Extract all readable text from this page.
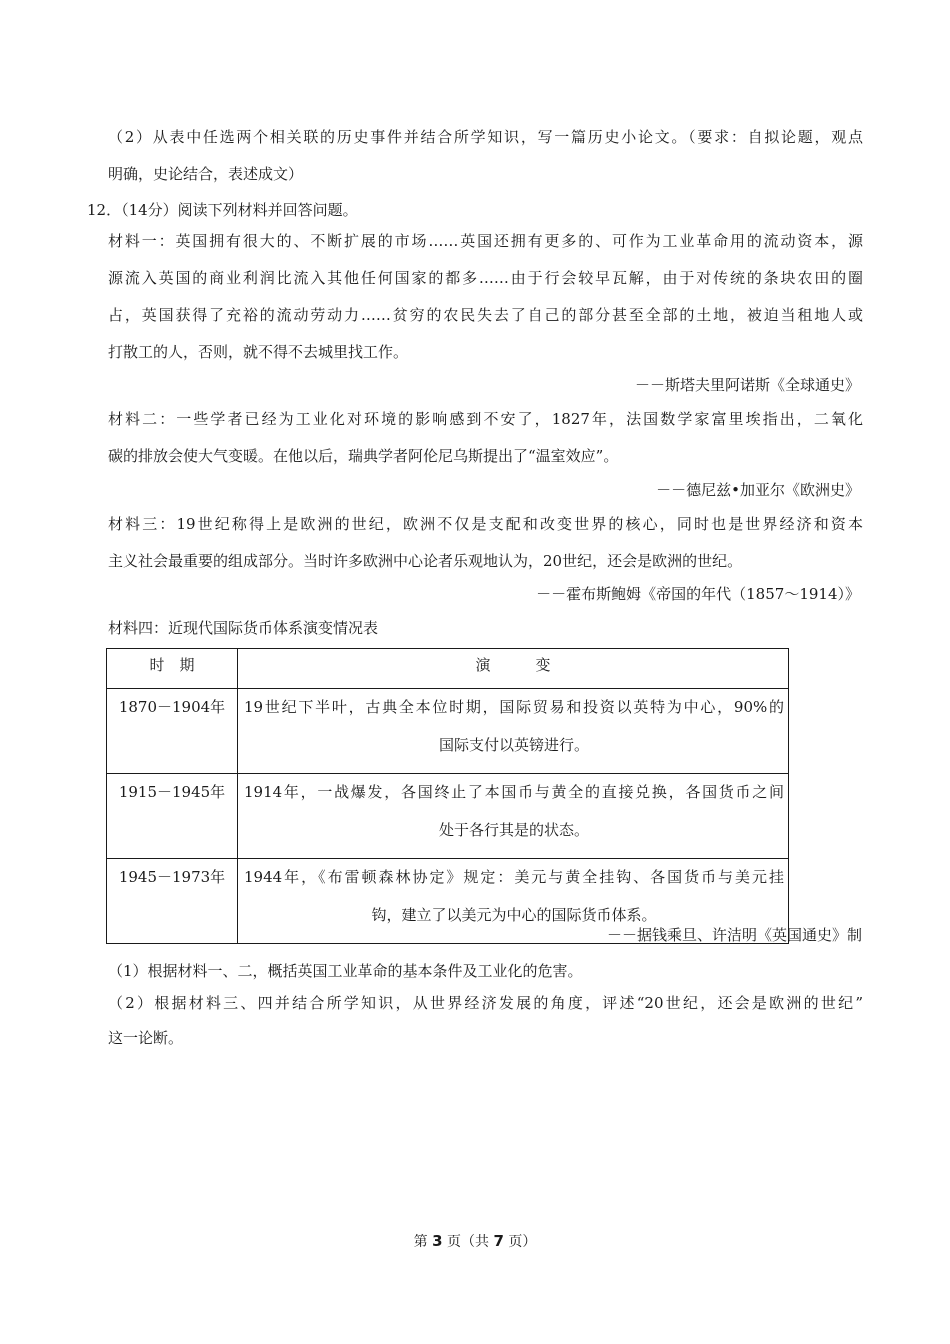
（2）从表中任选两个相关联的历史事件并结合所学知识，写一篇历史小论文。（要求：自拟论题，观点
明确，史论结合，表述成文）
12．（14分）阅读下列材料并回答问题。
材料一：英国拥有很大的、不断扩展的市场……英国还拥有更多的、可作为工业革命用的流动资本，源
源流入英国的商业利润比流入其他任何国家的都多……由于行会较早瓦解，由于对传统的条块农田的圈
占，英国获得了充裕的流动劳动力……贫穷的农民失去了自己的部分甚至全部的土地，被迫当租地人或
打散工的人，否则，就不得不去城里找工作。
－－斯塔夫里阿诺斯《全球通史》
材料二：一些学者已经为工业化对环境的影响感到不安了，1827年，法国数学家富里埃指出，二氧化
碳的排放会使大气变暖。在他以后，瑞典学者阿伦尼乌斯提出了“温室效应”。
－－德尼兹•加亚尔《欧洲史》
材料三：19世纪称得上是欧洲的世纪，欧洲不仅是支配和改变世界的核心，同时也是世界经济和资本
主义社会最重要的组成部分。当时许多欧洲中心论者乐观地认为，20世纪，还会是欧洲的世纪。
－－霍布斯鲍姆《帝国的年代（1857～1914）》
材料四：近现代国际货币体系演变情况表
时　期	演　　　变
1870－1904年	19世纪下半叶，古典全本位时期，国际贸易和投资以英特为中心，90%的
国际支付以英镑进行。

1915－1945年	1914年，一战爆发，各国终止了本国币与黄全的直接兑换，各国货币之间
处于各行其是的状态。

1945－1973年	1944年，《布雷顿森林协定》规定：美元与黄全挂钩、各国货币与美元挂
钩，建立了以美元为中心的国际货币体系。
－－据钱乘旦、许洁明《英国通史》制
（1）根据材料一、二，概括英国工业革命的基本条件及工业化的危害。
（2）根据材料三、四并结合所学知识，从世界经济发展的角度，评述“20世纪，还会是欧洲的世纪”
这一论断。
第 3 页（共 7 页）
